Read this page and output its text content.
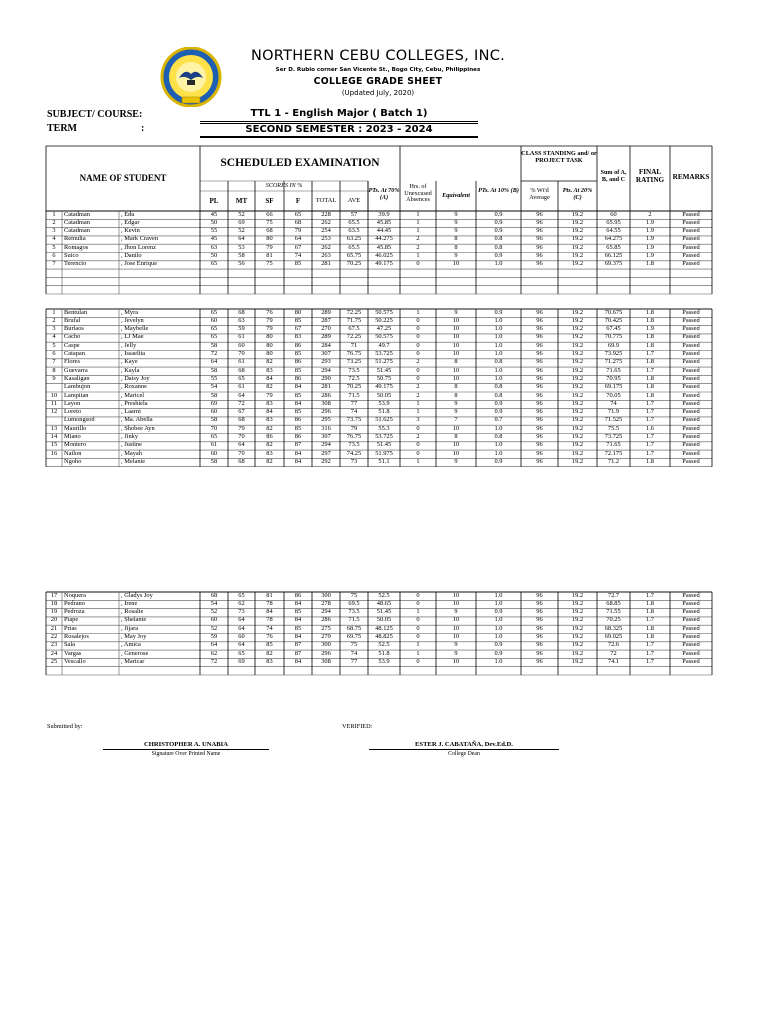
NORTHERN CEBU COLLEGES, INC.
Ser D. Rubio corner San Vicente St., Bogo City, Cebu, Philippines
COLLEGE GRADE SHEET
(Updated July, 2020)
SUBJECT/ COURSE:	TTL 1 - English Major ( Batch 1)
TERM	:	SECOND SEMESTER : 2023 - 2024
NAME OF STUDENT
SCHEDULED EXAMINATION
SCORES IN %
PL	MT	SF	F	TOTAL	AVE
PTs. At 70% (A)
Hrs. of Unexcused Absences
Equivalent
PTs. At 10% (B)
CLASS STANDING and/ or PROJECT TASK
% Wt'd Average
Pts. At 20% (C)
Sum of A, B, and C
FINAL RATING	REMARKS
1	Catadman	, Edu	45	52	66	65	228	57	39.9	1	9	0.9	96	19.2	60	2	Passed
2	Catadman	, Edgar	50	69	75	68	262	65.5	45.85	1	9	0.9	96	19.2	65.95	1.9	Passed
3	Catadman	, Kevin	55	52	68	79	254	63.5	44.45	1	9	0.9	96	19.2	64.55	1.9	Passed
4	Remulta	, Mark Craven	45	64	80	64	253	63.25	44.275	2	8	0.8	96	19.2	64.275	1.9	Passed
5	Romagos	, Jhon Lorenz	63	53	79	67	262	65.5	45.85	2	8	0.8	96	19.2	65.85	1.9	Passed
6	Suico	, Danilo	50	58	81	74	263	65.75	46.025	1	9	0.9	96	19.2	66.125	1.9	Passed
7	Terencio	, Jose Enrique	65	56	75	85	281	70.25	49.175	0	10	1.0	96	19.2	69.375	1.8	Passed
1	Bentulan	, Myra	65	68	76	80	289	72.25	50.575	1	9	0.9	96	19.2	70.675	1.8	Passed
2	Brufal	, Jevelyn	60	63	79	85	287	71.75	50.225	0	10	1.0	96	19.2	70.425	1.8	Passed
3	Burlaos	, Maybelle	65	59	79	67	270	67.5	47.25	0	10	1.0	96	19.2	67.45	1.9	Passed
4	Cacho	, LJ Mae	65	61	80	83	289	72.25	50.575	0	10	1.0	96	19.2	70.775	1.8	Passed
5	Caspe	, Jelly	58	60	80	86	284	71	49.7	0	10	1.0	96	19.2	69.9	1.8	Passed
6	Catapan	, Issaelita	72	70	80	85	307	76.75	53.725	0	10	1.0	96	19.2	73.925	1.7	Passed
7	Flores	, Kaye	64	61	82	86	293	73.25	51.275	2	8	0.8	96	19.2	71.275	1.8	Passed
8	Guevarra	, Kayla	58	68	83	85	294	73.5	51.45	0	10	1.0	96	19.2	71.65	1.7	Passed
9	Kasaligan	, Daisy Joy	55	65	84	86	290	72.5	50.75	0	10	1.0	96	19.2	70.95	1.8	Passed
Lambujon	, Roxanne	54	61	82	84	281	70.25	49.175	2	8	0.8	96	19.2	69.175	1.8	Passed
10	Lampitan	, Maricel	58	64	79	85	286	71.5	50.05	2	8	0.8	96	19.2	70.05	1.8	Passed
11	Layon	, Preshiela	69	72	83	84	308	77	53.9	1	9	0.9	96	19.2	74	1.7	Passed
12	Loreto	, Laarni	60	67	84	85	296	74	51.8	1	9	0.9	96	19.2	71.9	1.7	Passed
Lumongsod	, Ma. Abella	58	68	83	86	295	73.75	51.625	3	7	0.7	96	19.2	71.525	1.7	Passed
13	Maurillo	, Shobee Ayn	70	79	82	85	316	79	55.3	0	10	1.0	96	19.2	75.5	1.6	Passed
14	Miano	, Jinky	65	70	86	86	307	76.75	53.725	2	8	0.8	96	19.2	73.725	1.7	Passed
15	Montero	, Justine	61	64	82	87	294	73.5	51.45	0	10	1.0	96	19.2	71.65	1.7	Passed
16	Nailon	, Mayah	60	70	83	84	297	74.25	51.975	0	10	1.0	96	19.2	72.175	1.7	Passed
Ngoho	, Melanie	58	68	82	84	292	73	51.1	1	9	0.9	96	19.2	71.2	1.8	Passed
17	Noquera	, Gladys Joy	68	65	81	86	300	75	52.5	0	10	1.0	96	19.2	72.7	1.7	Passed
18	Pedrano	, Irene	54	62	78	84	278	69.5	48.65	0	10	1.0	96	19.2	68.85	1.8	Passed
19	Pedroza	, Rosalie	52	73	84	85	294	73.5	51.45	1	9	0.9	96	19.2	71.55	1.8	Passed
20	Piape	, Shelanie	60	64	78	84	286	71.5	50.05	0	10	1.0	96	19.2	70.25	1.7	Passed
21	Prias	, Jijara	52	64	74	85	275	68.75	48.125	0	10	1.0	96	19.2	68.325	1.8	Passed
22	Rosalejos	, May Joy	59	60	76	84	279	69.75	48.825	0	10	1.0	96	19.2	69.025	1.8	Passed
23	Sala	, Amica	64	64	85	87	300	75	52.5	1	9	0.9	96	19.2	72.6	1.7	Passed
24	Vargas	, Generose	62	65	82	87	296	74	51.8	1	9	0.9	96	19.2	72	1.7	Passed
25	Vescallo	, Maricar	72	69	83	84	308	77	53.9	0	10	1.0	96	19.2	74.1	1.7	Passed
Submitted by:	VERIFIED:
CHRISTOPHER A. UNABIA
Signature Over Printed Name
ESTER J. CABATAÑA, Dev.Ed.D.
College Dean
